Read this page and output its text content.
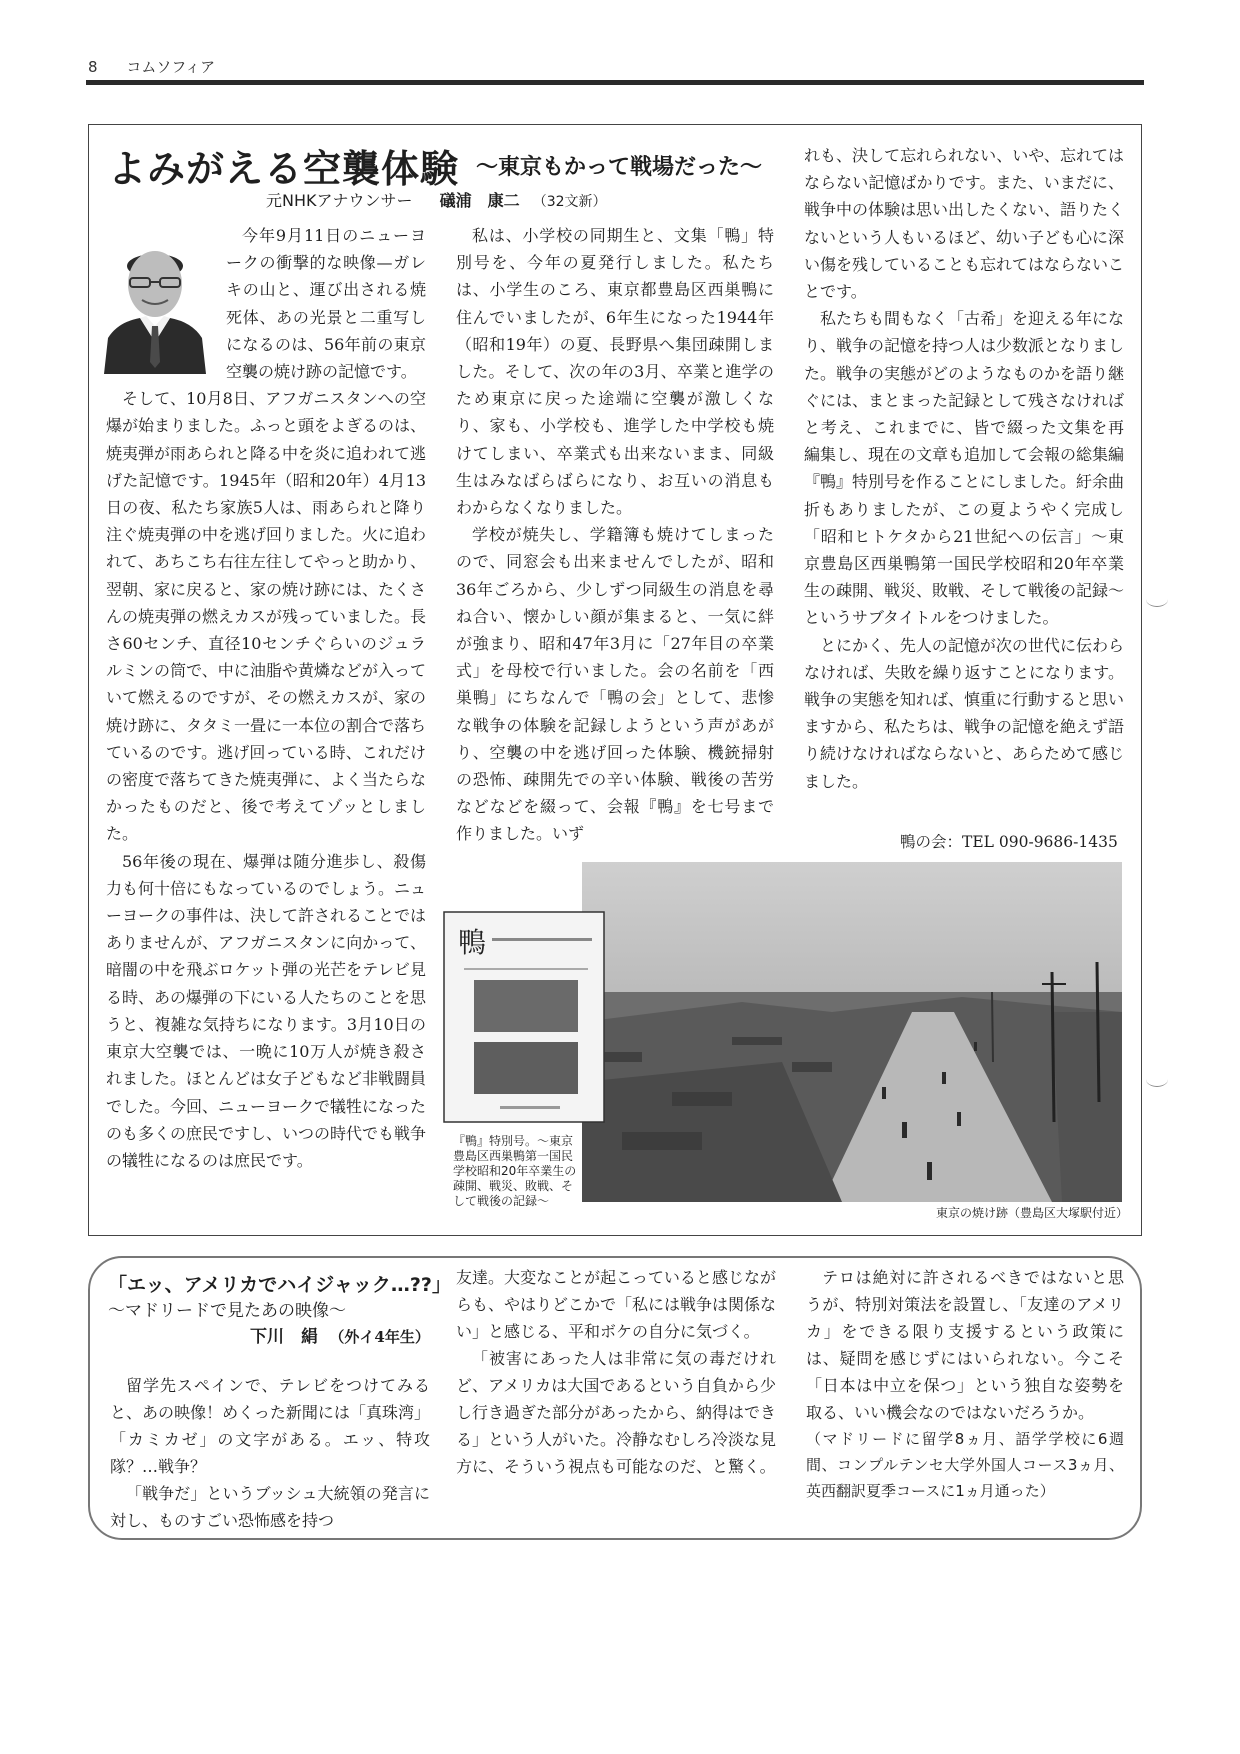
8 コムソフィア
よみがえる空襲体験 ～東京もかって戦場だった～
元NHKアナウンサー 礒浦　康二 （32文新）

今年9月11日のニューヨークの衝撃的な映像—ガレキの山と、運び出される焼死体、あの光景と二重写しになるのは、56年前の東京空襲の焼け跡の記憶です。

そして、10月8日、アフガニスタンへの空爆が始まりました。ふっと頭をよぎるのは、焼夷弾が雨あられと降る中を炎に追われて逃げた記憶です。1945年（昭和20年）4月13日の夜、私たち家族5人は、雨あられと降り注ぐ焼夷弾の中を逃げ回りました。火に追われて、あちこち右往左往してやっと助かり、翌朝、家に戻ると、家の焼け跡には、たくさんの焼夷弾の燃えカスが残っていました。長さ60センチ、直径10センチぐらいのジュラルミンの筒で、中に油脂や黄燐などが入っていて燃えるのですが、その燃えカスが、家の焼け跡に、タタミ一畳に一本位の割合で落ちているのです。逃げ回っている時、これだけの密度で落ちてきた焼夷弾に、よく当たらなかったものだと、後で考えてゾッとしました。

56年後の現在、爆弾は随分進歩し、殺傷力も何十倍にもなっているのでしょう。ニューヨークの事件は、決して許されることではありませんが、アフガニスタンに向かって、暗闇の中を飛ぶロケット弾の光芒をテレビ見る時、あの爆弾の下にいる人たちのことを思うと、複雑な気持ちになります。3月10日の東京大空襲では、一晩に10万人が焼き殺されました。ほとんどは女子どもなど非戦闘員でした。今回、ニューヨークで犠牲になったのも多くの庶民ですし、いつの時代でも戦争の犠牲になるのは庶民です。

私は、小学校の同期生と、文集「鴨」特別号を、今年の夏発行しました。私たちは、小学生のころ、東京都豊島区西巣鴨に住んでいましたが、6年生になった1944年（昭和19年）の夏、長野県へ集団疎開しました。そして、次の年の3月、卒業と進学のため東京に戻った途端に空襲が激しくなり、家も、小学校も、進学した中学校も焼けてしまい、卒業式も出来ないまま、同級生はみなばらばらになり、お互いの消息もわからなくなりました。

学校が焼失し、学籍簿も焼けてしまったので、同窓会も出来ませんでしたが、昭和36年ごろから、少しずつ同級生の消息を尋ね合い、懐かしい顔が集まると、一気に絆が強まり、昭和47年3月に「27年目の卒業式」を母校で行いました。会の名前を「西巣鴨」にちなんで「鴨の会」として、悲惨な戦争の体験を記録しようという声があがり、空襲の中を逃げ回った体験、機銃掃射の恐怖、疎開先での辛い体験、戦後の苦労などなどを綴って、会報『鴨』を七号まで作りました。いず

れも、決して忘れられない、いや、忘れてはならない記憶ばかりです。また、いまだに、戦争中の体験は思い出したくない、語りたくないという人もいるほど、幼い子ども心に深い傷を残していることも忘れてはならないことです。

私たちも間もなく「古希」を迎える年になり、戦争の記憶を持つ人は少数派となりました。戦争の実態がどのようなものかを語り継ぐには、まとまった記録として残さなければと考え、これまでに、皆で綴った文集を再編集し、現在の文章も追加して会報の総集編『鴨』特別号を作ることにしました。紆余曲折もありましたが、この夏ようやく完成し「昭和ヒトケタから21世紀への伝言」～東京豊島区西巣鴨第一国民学校昭和20年卒業生の疎開、戦災、敗戦、そして戦後の記録～というサブタイトルをつけました。

とにかく、先人の記憶が次の世代に伝わらなければ、失敗を繰り返すことになります。戦争の実態を知れば、慎重に行動すると思いますから、私たちは、戦争の記憶を絶えず語り続けなければならないと、あらためて感じました。

鴨の会：TEL 090-9686-1435
鴨
『鴨』特別号。～東京豊島区西巣鴨第一国民学校昭和20年卒業生の疎開、戦災、敗戦、そして戦後の記録～
東京の焼け跡（豊島区大塚駅付近）
「エッ、アメリカでハイジャック…??」
～マドリードで見たあの映像～
下川　絹 （外イ4年生）

留学先スペインで、テレビをつけてみると、あの映像！めくった新聞には「真珠湾」「カミカゼ」の文字がある。エッ、特攻隊？…戦争？

「戦争だ」というブッシュ大統領の発言に対し、ものすごい恐怖感を持つ

友達。大変なことが起こっていると感じながらも、やはりどこかで「私には戦争は関係ない」と感じる、平和ボケの自分に気づく。

「被害にあった人は非常に気の毒だけれど、アメリカは大国であるという自負から少し行き過ぎた部分があったから、納得はできる」という人がいた。冷静なむしろ冷淡な見方に、そういう視点も可能なのだ、と驚く。

テロは絶対に許されるべきではないと思うが、特別対策法を設置し、「友達のアメリカ」をできる限り支援するという政策には、疑問を感じずにはいられない。今こそ「日本は中立を保つ」という独自な姿勢を取る、いい機会なのではないだろうか。

（マドリードに留学8ヵ月、語学学校に6週間、コンプルテンセ大学外国人コース3ヵ月、英西翻訳夏季コースに1ヵ月通った）
